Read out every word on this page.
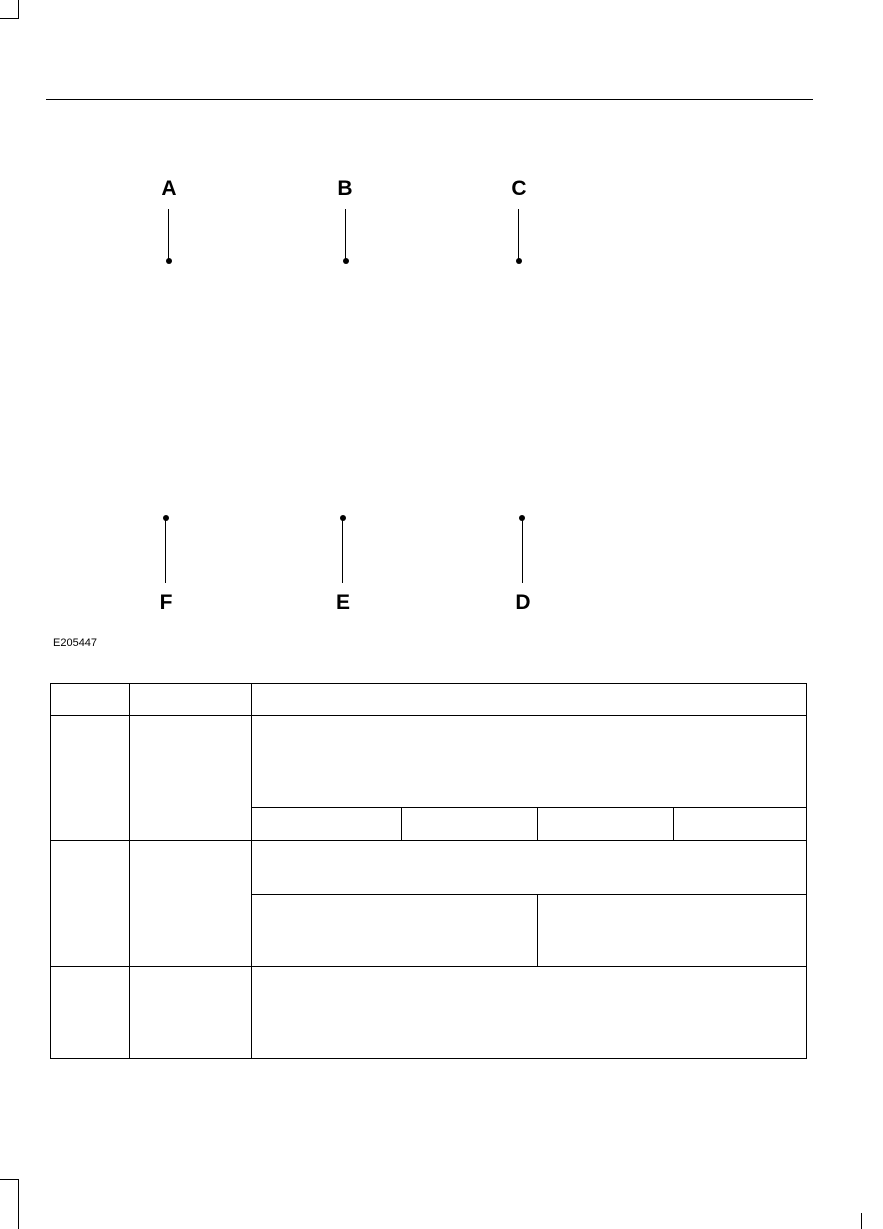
A	B	C
F	E	D
E205447
